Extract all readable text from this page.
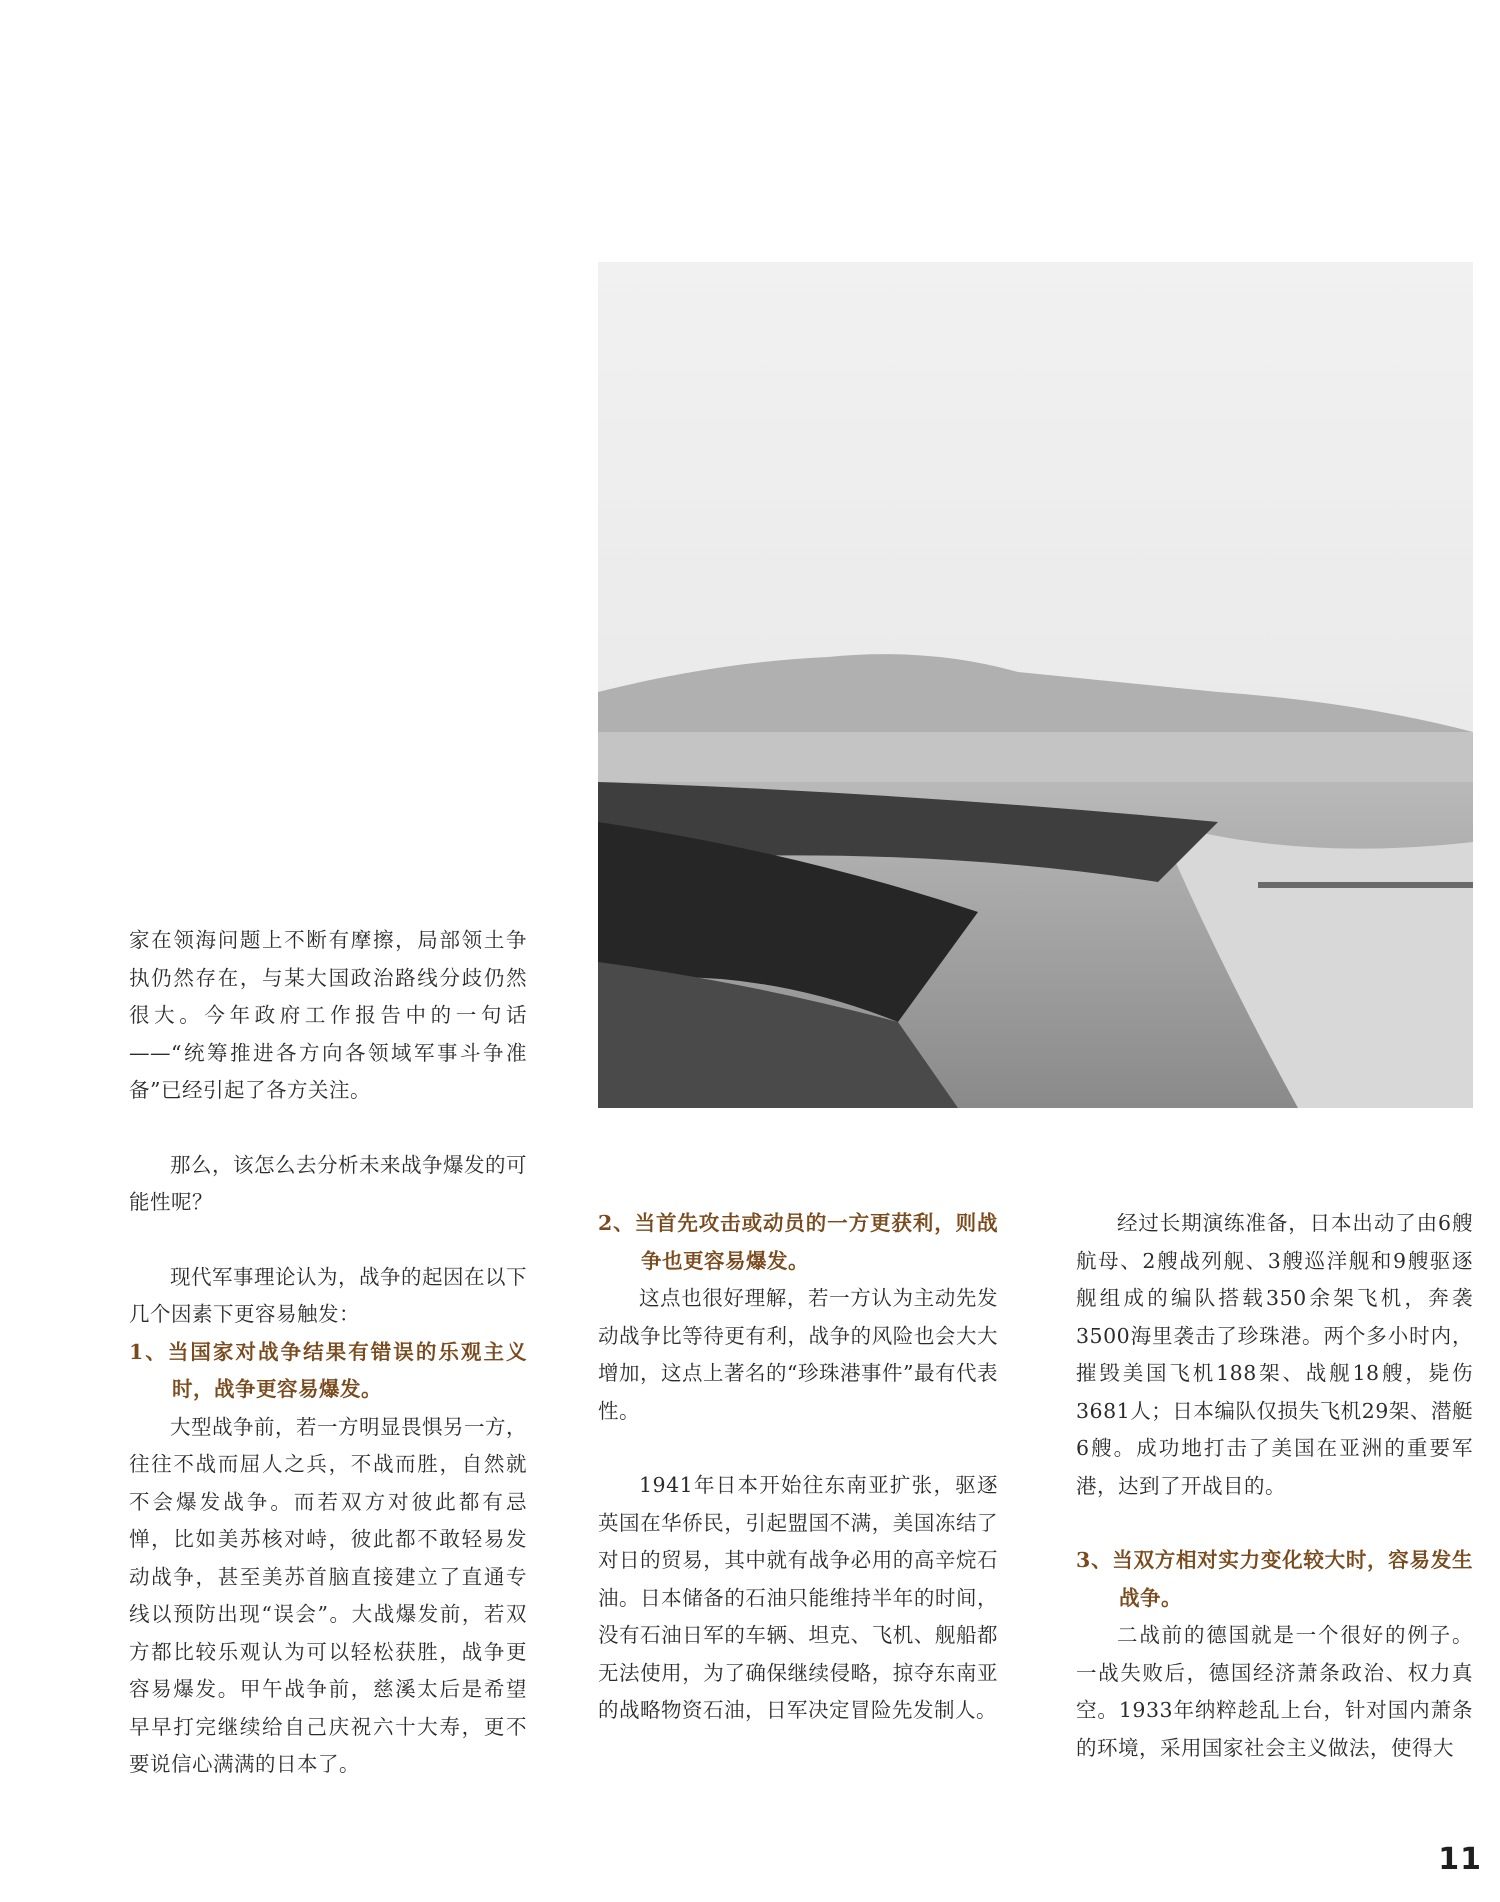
家在领海问题上不断有摩擦，局部领土争执仍然存在，与某大国政治路线分歧仍然很大。今年政府工作报告中的一句话——“统筹推进各方向各领域军事斗争准备”已经引起了各方关注。

那么，该怎么去分析未来战争爆发的可能性呢？

现代军事理论认为，战争的起因在以下几个因素下更容易触发：

1、当国家对战争结果有错误的乐观主义时，战争更容易爆发。

大型战争前，若一方明显畏惧另一方，往往不战而屈人之兵，不战而胜，自然就不会爆发战争。而若双方对彼此都有忌惮，比如美苏核对峙，彼此都不敢轻易发动战争，甚至美苏首脑直接建立了直通专线以预防出现“误会”。大战爆发前，若双方都比较乐观认为可以轻松获胜，战争更容易爆发。甲午战争前，慈溪太后是希望早早打完继续给自己庆祝六十大寿，更不要说信心满满的日本了。

2、当首先攻击或动员的一方更获利，则战争也更容易爆发。

这点也很好理解，若一方认为主动先发动战争比等待更有利，战争的风险也会大大增加，这点上著名的“珍珠港事件”最有代表性。

1941年日本开始往东南亚扩张，驱逐英国在华侨民，引起盟国不满，美国冻结了对日的贸易，其中就有战争必用的高辛烷石油。日本储备的石油只能维持半年的时间，没有石油日军的车辆、坦克、飞机、舰船都无法使用，为了确保继续侵略，掠夺东南亚的战略物资石油，日军决定冒险先发制人。

经过长期演练准备，日本出动了由6艘航母、2艘战列舰、3艘巡洋舰和9艘驱逐舰组成的编队搭载350余架飞机，奔袭3500海里袭击了珍珠港。两个多小时内，摧毁美国飞机188架、战舰18艘，毙伤3681人；日本编队仅损失飞机29架、潜艇6艘。成功地打击了美国在亚洲的重要军港，达到了开战目的。

3、当双方相对实力变化较大时，容易发生战争。

二战前的德国就是一个很好的例子。一战失败后，德国经济萧条政治、权力真空。1933年纳粹趁乱上台，针对国内萧条的环境，采用国家社会主义做法，使得大

11
